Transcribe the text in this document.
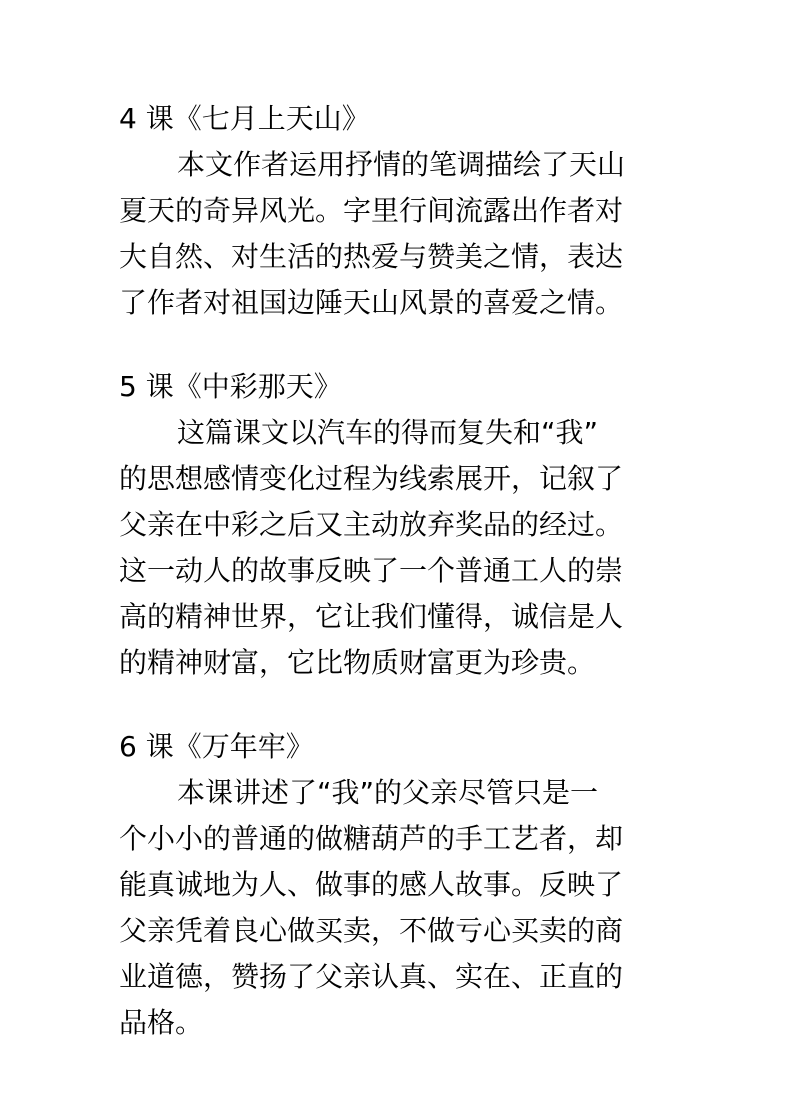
4 课《七月上天山》

本文作者运用抒情的笔调描绘了天山
夏天的奇异风光。字里行间流露出作者对
大自然、对生活的热爱与赞美之情，表达
了作者对祖国边陲天山风景的喜爱之情。

5 课《中彩那天》

这篇课文以汽车的得而复失和“我”
的思想感情变化过程为线索展开，记叙了
父亲在中彩之后又主动放弃奖品的经过。
这一动人的故事反映了一个普通工人的崇
高的精神世界，它让我们懂得，诚信是人
的精神财富，它比物质财富更为珍贵。

6 课《万年牢》

本课讲述了“我”的父亲尽管只是一
个小小的普通的做糖葫芦的手工艺者，却
能真诚地为人、做事的感人故事。反映了
父亲凭着良心做买卖，不做亏心买卖的商
业道德，赞扬了父亲认真、实在、正直的
品格。
